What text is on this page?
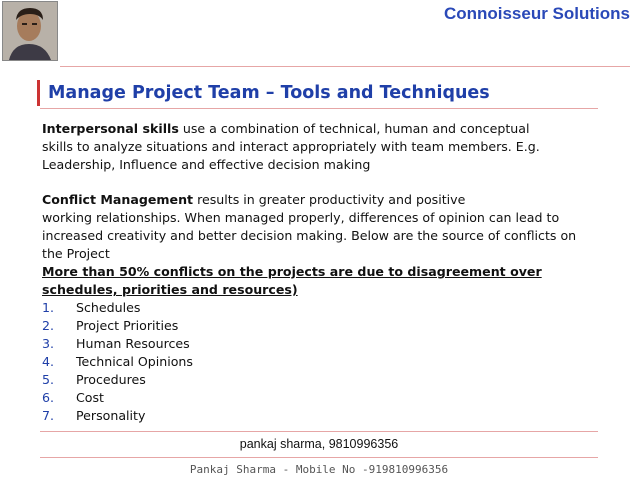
Connoisseur Solutions
Manage Project Team – Tools and Techniques
Interpersonal skills use a combination of technical, human and conceptual
skills to analyze situations and interact appropriately with team members. E.g.
Leadership, Influence and effective decision making
Conflict Management results in greater productivity and positive
working relationships. When managed properly, differences of opinion can lead to
increased creativity and better decision making. Below are the source of conflicts on
the Project
More than 50% conflicts on the projects are due to disagreement over
schedules, priorities and resources)
1. Schedules
2. Project Priorities
3. Human Resources
4. Technical Opinions
5. Procedures
6. Cost
7. Personality
pankaj sharma, 9810996356
Pankaj Sharma - Mobile No -919810996356
